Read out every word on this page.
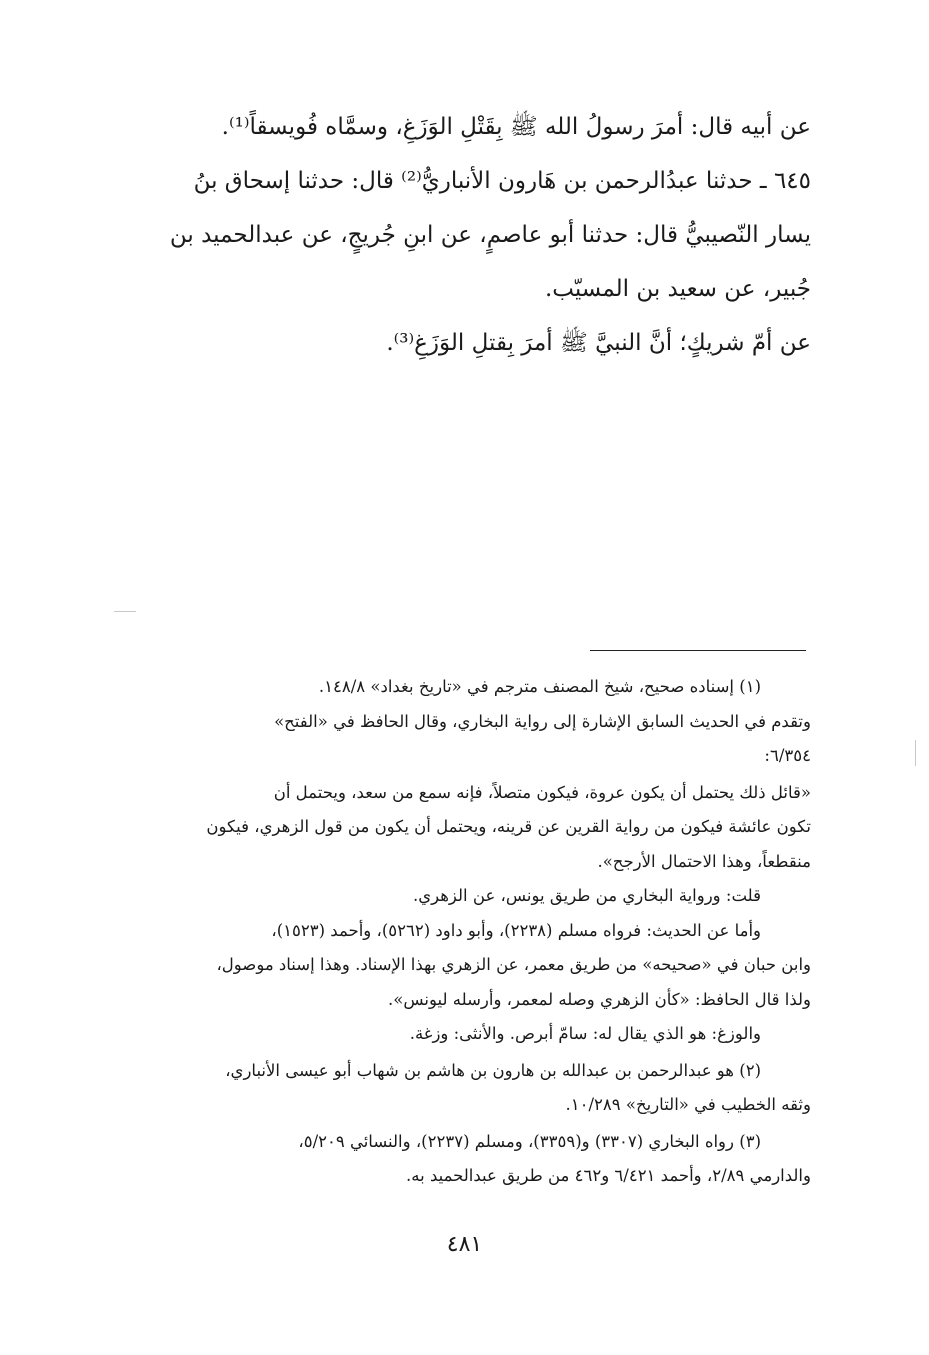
عن أبيه قال: أمرَ رسولُ الله ﷺ بِقَتْلِ الوَزَغِ، وسمَّاه فُويسقاً⁽¹⁾.

٦٤٥ ـ حدثنا عبدُالرحمن بن هَارون الأنباريُّ⁽²⁾ قال: حدثنا إسحاق بنُ

يسار النّصيبيُّ قال: حدثنا أبو عاصمٍ، عن ابنِ جُريجٍ، عن عبدالحميد بن

جُبير، عن سعيد بن المسيّب.

عن أمّ شريكٍ؛ أنَّ النبيَّ ﷺ أمرَ بِقتلِ الوَزَغِ⁽³⁾.

(١) إسناده صحيح، شيخ المصنف مترجم في «تاريخ بغداد» ١٤٨/٨.

وتقدم في الحديث السابق الإشارة إلى رواية البخاري، وقال الحافظ في «الفتح»

٦/٣٥٤:

«قائل ذلك يحتمل أن يكون عروة، فيكون متصلاً، فإنه سمع من سعد، ويحتمل أن

تكون عائشة فيكون من رواية القرين عن قرينه، ويحتمل أن يكون من قول الزهري، فيكون

منقطعاً، وهذا الاحتمال الأرجح».

قلت: ورواية البخاري من طريق يونس، عن الزهري.

وأما عن الحديث: فرواه مسلم (٢٢٣٨)، وأبو داود (٥٢٦٢)، وأحمد (١٥٢٣)،

وابن حبان في «صحيحه» من طريق معمر، عن الزهري بهذا الإسناد. وهذا إسناد موصول،

ولذا قال الحافظ: «كأن الزهري وصله لمعمر، وأرسله ليونس».

والوزغ: هو الذي يقال له: سامّ أبرص. والأنثى: وزغة.

(٢) هو عبدالرحمن بن عبدالله بن هارون بن هاشم بن شهاب أبو عيسى الأنباري،

وثقه الخطيب في «التاريخ» ١٠/٢٨٩.

(٣) رواه البخاري (٣٣٠٧) و(٣٣٥٩)، ومسلم (٢٢٣٧)، والنسائي ٥/٢٠٩،

والدارمي ٢/٨٩، وأحمد ٦/٤٢١ و٤٦٢ من طريق عبدالحميد به.

٤٨١
